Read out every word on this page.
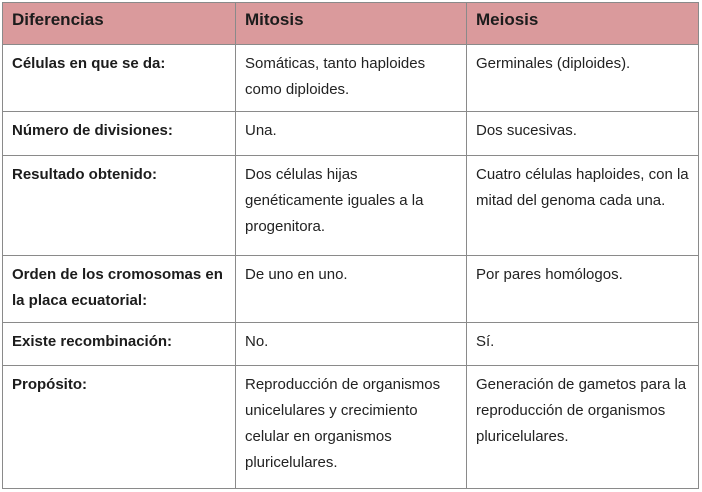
Diferencias	Mitosis	Meiosis
Células en que se da:	Somáticas, tanto haploides como diploides.	Germinales (diploides).
Número de divisiones:	Una.	Dos sucesivas.
Resultado obtenido:	Dos células hijas genéticamente iguales a la progenitora.	Cuatro células haploides, con la mitad del genoma cada una.
Orden de los cromosomas en la placa ecuatorial:	De uno en uno.	Por pares homólogos.
Existe recombinación:	No.	Sí.
Propósito:	Reproducción de organismos unicelulares y crecimiento celular en organismos pluricelulares.	Generación de gametos para la reproducción de organismos pluricelulares.
